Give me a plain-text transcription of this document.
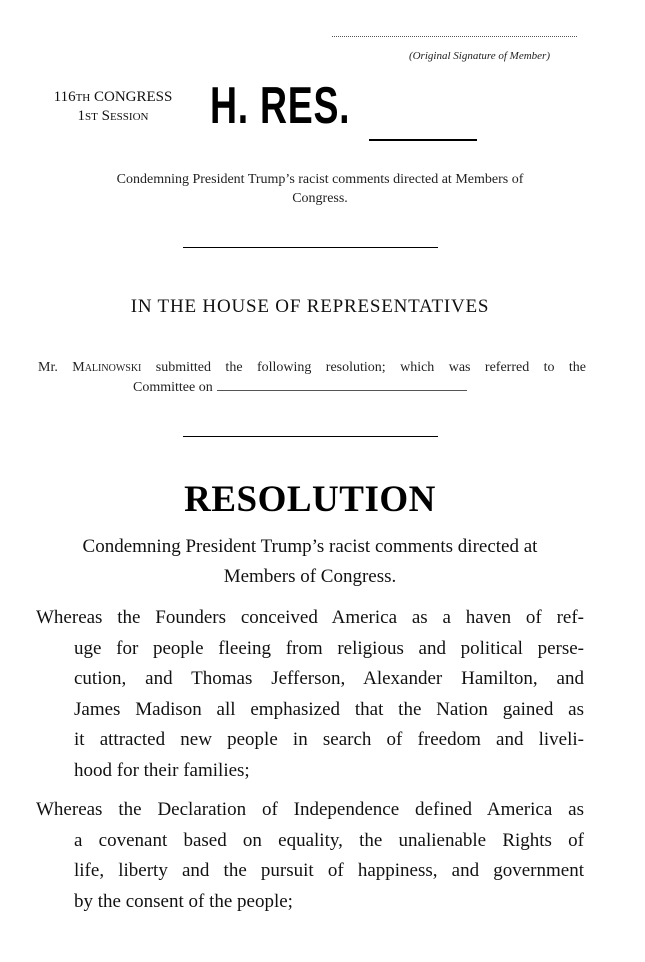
(Original Signature of Member)
116th CONGRESS
1st Session	H. RES.
Condemning President Trump’s racist comments directed at Members of
Congress.
IN THE HOUSE OF REPRESENTATIVES
Mr. Malinowski submitted the following resolution; which was referred to the
Committee on
RESOLUTION
Condemning President Trump’s racist comments directed at
Members of Congress.
Whereas the Founders conceived America as a haven of ref-
uge for people fleeing from religious and political perse-
cution, and Thomas Jefferson, Alexander Hamilton, and
James Madison all emphasized that the Nation gained as
it attracted new people in search of freedom and liveli-
hood for their families;
Whereas the Declaration of Independence defined America as
a covenant based on equality, the unalienable Rights of
life, liberty and the pursuit of happiness, and government
by the consent of the people;
